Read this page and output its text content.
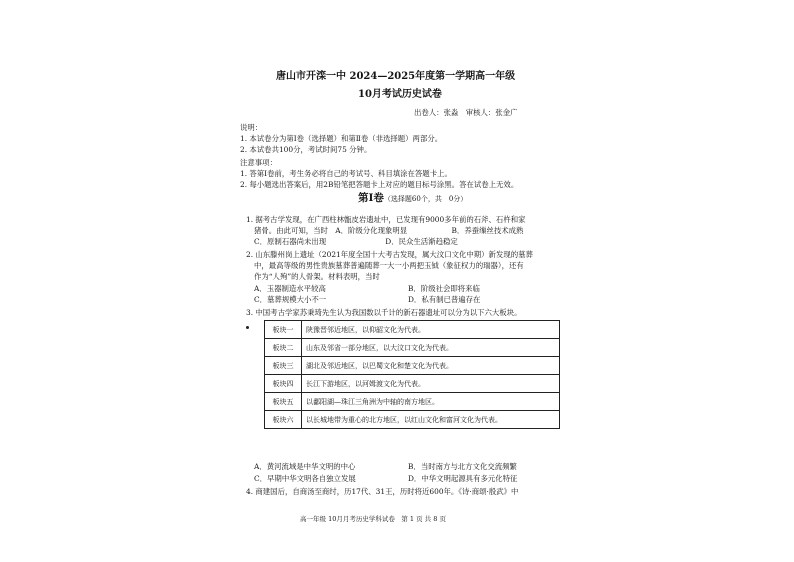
唐山市开滦一中 2024—2025年度第一学期高一年级
10月考试历史试卷
出卷人：张淼　审核人：张金广
说明：
1. 本试卷分为第Ⅰ卷（选择题）和第Ⅱ卷（非选择题）两部分。
2. 本试卷共100分，考试时间75 分钟。
注意事项：
1. 答第Ⅰ卷前，考生务必将自己的考试号、科目填涂在答题卡上。
2. 每小题选出答案后，用2B铅笔把答题卡上对应的题目标号涂黑。答在试卷上无效。
第Ⅰ卷（选择题60个，共　0分）
1. 据考古学发现，在广西柱林甑皮岩遗址中，已发现有9000多年前的石斧、石杵和家
猪骨。由此可知，当时　A．阶级分化现象明显　　　　　　B．养蚕缫丝技术成熟
C．原制石器尚未出现　　　　　　　　D．民众生活渐趋稳定
2. 山东滕州岗上遗址（2021年度全国十大考古发现，属大汶口文化中期）新发现的墓葬
中，最高等级的男性贵族墓葬普遍随葬一大一小两把玉钺（象征权力的瑞器），还有
作为“人殉”的人骨架。材料表明，当时
A．玉器制造水平较高	B．阶级社会即将来临
C．墓葬规模大小不一	D．私有制已普遍存在
3. 中国考古学家苏秉琦先生认为我国数以千计的新石器遗址可以分为以下六大板块。
板块一	陕豫晋邻近地区，以仰韶文化为代表。
板块二	山东及邻省一部分地区，以大汶口文化为代表。
板块三	湖北及邻近地区，以巴蜀文化和楚文化为代表。
板块四	长江下游地区，以河姆渡文化为代表。
板块五	以鄱阳湖—珠江三角洲为中轴的南方地区。
板块六	以长城地带为重心的北方地区，以红山文化和富河文化为代表。
A．黄河流域是中华文明的中心	B．当时南方与北方文化交流频繁
C．早期中华文明各自独立发展	D．中华文明起源具有多元化特征
4. 商建国后，自商汤至商纣，历17代、31王，历时将近600年。《诗·商颂·殷武》中
高一年级 10月月考历史学科试卷　第 1 页 共 8 页
